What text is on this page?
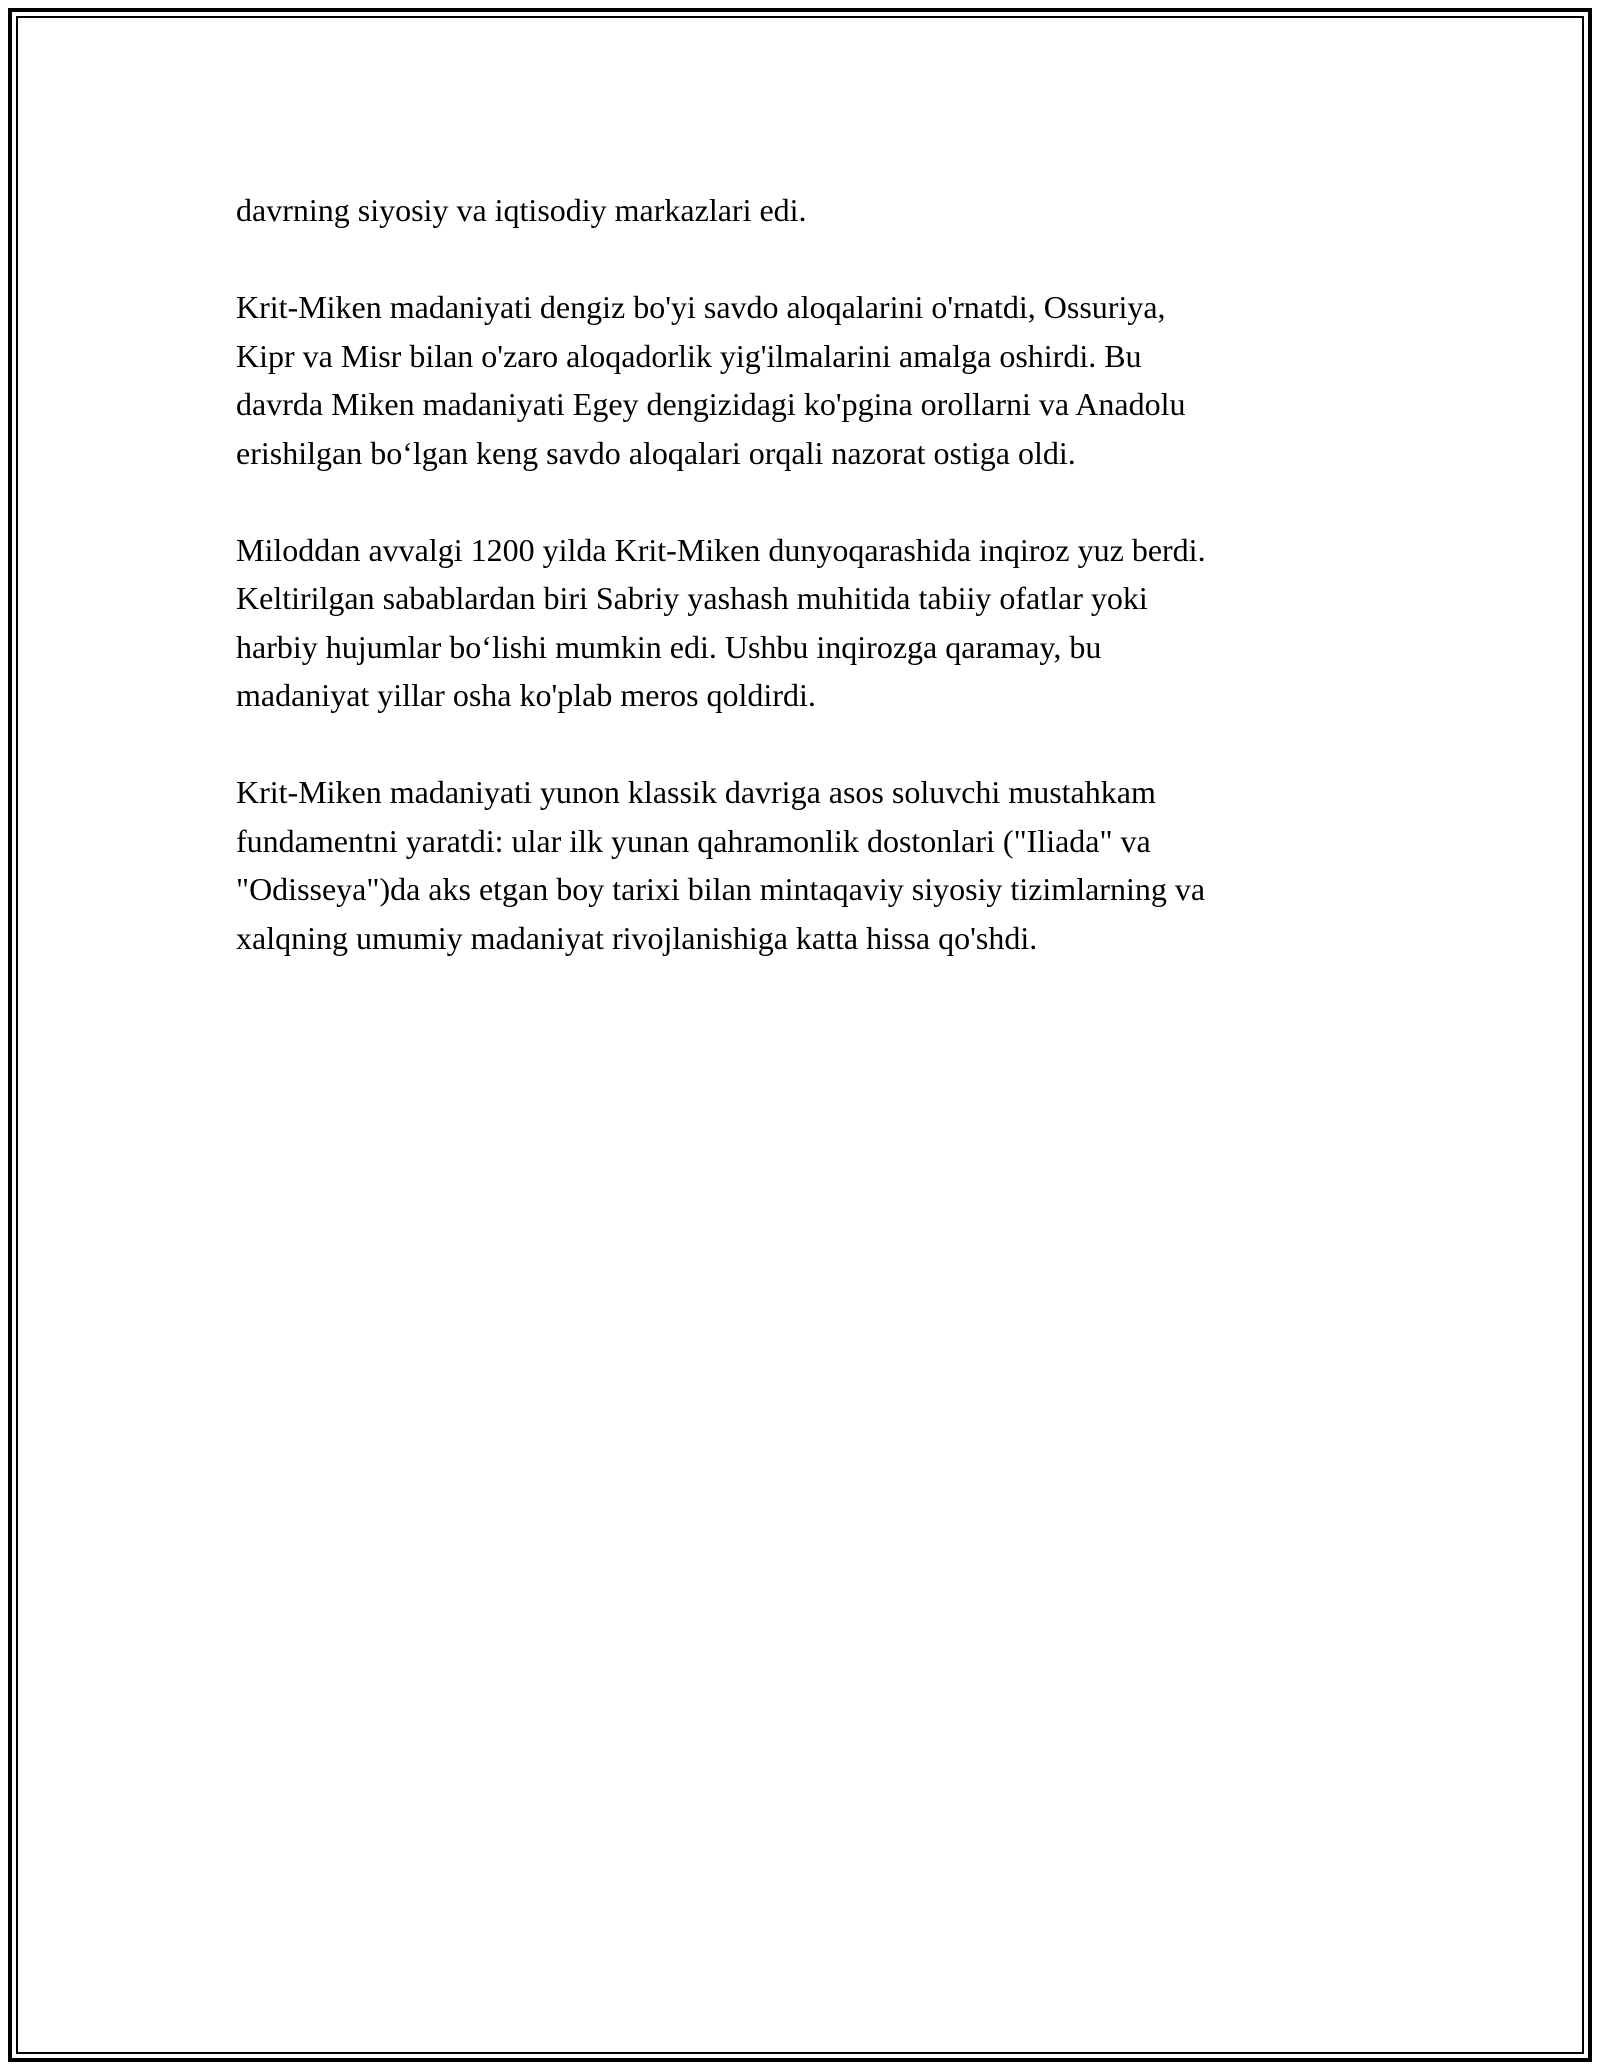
davrning siyosiy va iqtisodiy markazlari edi.

Krit-Miken madaniyati dengiz bo'yi savdo aloqalarini o'rnatdi, Ossuriya,
Kipr va Misr bilan o'zaro aloqadorlik yig'ilmalarini amalga oshirdi. Bu
davrda Miken madaniyati Egey dengizidagi ko'pgina orollarni va Anadolu
erishilgan bo‘lgan keng savdo aloqalari orqali nazorat ostiga oldi.

Miloddan avvalgi 1200 yilda Krit-Miken dunyoqarashida inqiroz yuz berdi.
Keltirilgan sabablardan biri Sabriy yashash muhitida tabiiy ofatlar yoki
harbiy hujumlar bo‘lishi mumkin edi. Ushbu inqirozga qaramay, bu
madaniyat yillar osha ko'plab meros qoldirdi.

Krit-Miken madaniyati yunon klassik davriga asos soluvchi mustahkam
fundamentni yaratdi: ular ilk yunan qahramonlik dostonlari ("Iliada" va
"Odisseya")da aks etgan boy tarixi bilan mintaqaviy siyosiy tizimlarning va
xalqning umumiy madaniyat rivojlanishiga katta hissa qo'shdi.
